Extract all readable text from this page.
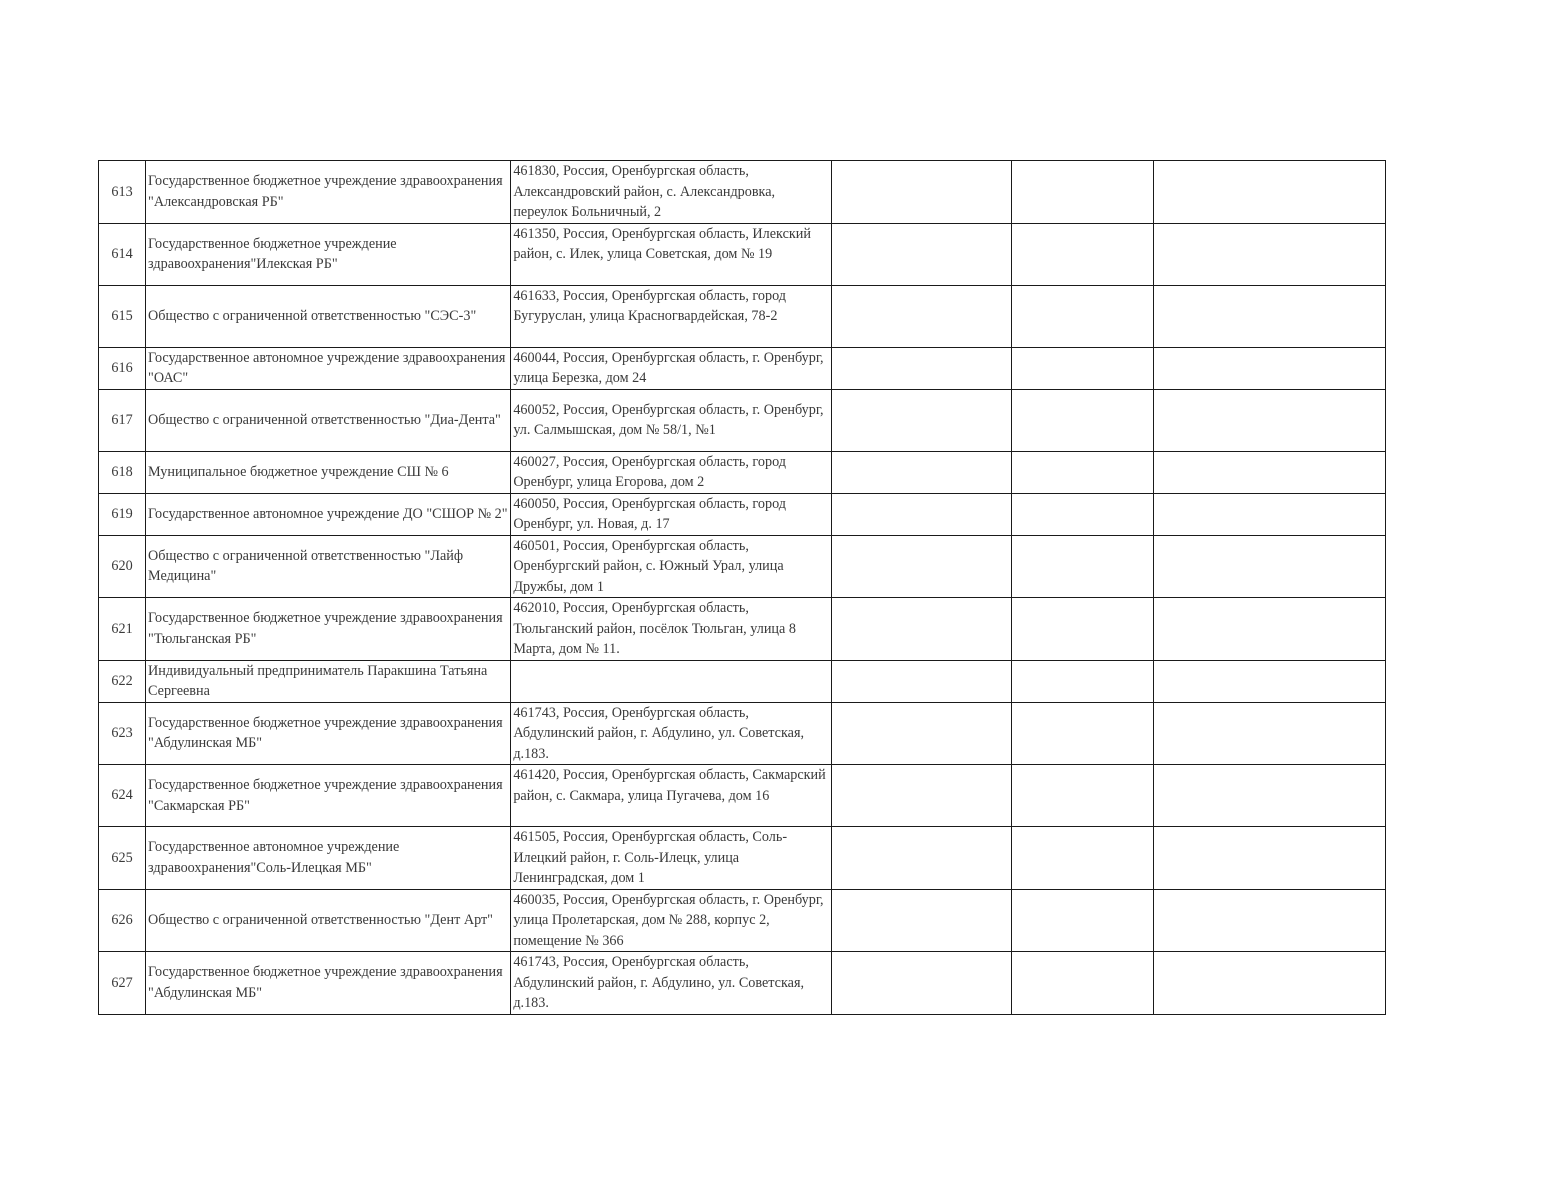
613	Государственное бюджетное учреждение здравоохранения "Александровская РБ"	461830, Россия, Оренбургская область, Александровский район, с. Александровка, переулок Больничный, 2			
614	Государственное бюджетное учреждение здравоохранения"Илекская РБ"	461350, Россия, Оренбургская область, Илекский район, с. Илек, улица Советская, дом № 19			
615	Общество с ограниченной ответственностью "СЭС-3"	461633, Россия, Оренбургская область, город Бугуруслан, улица Красногвардейская, 78-2			
616	Государственное автономное учреждение здравоохранения "ОАС"	460044, Россия, Оренбургская область, г. Оренбург, улица Березка, дом 24			
617	Общество с ограниченной ответственностью "Диа-Дента"	460052, Россия, Оренбургская область, г. Оренбург, ул. Салмышская, дом № 58/1, №1			
618	Муниципальное бюджетное учреждение СШ № 6	460027, Россия, Оренбургская область, город Оренбург, улица Егорова, дом 2			
619	Государственное автономное учреждение ДО "СШОР № 2"	460050, Россия, Оренбургская область, город Оренбург, ул. Новая, д. 17			
620	Общество с ограниченной ответственностью "Лайф Медицина"	460501, Россия, Оренбургская область, Оренбургский район, с. Южный Урал, улица Дружбы, дом 1			
621	Государственное бюджетное учреждение здравоохранения "Тюльганская РБ"	462010, Россия, Оренбургская область, Тюльганский район, посёлок Тюльган, улица 8 Марта, дом № 11.			
622	Индивидуальный предприниматель Паракшина Татьяна Сергеевна				
623	Государственное бюджетное учреждение здравоохранения "Абдулинская МБ"	461743, Россия, Оренбургская область, Абдулинский район, г. Абдулино, ул. Советская, д.183.			
624	Государственное бюджетное учреждение здравоохранения "Сакмарская РБ"	461420, Россия, Оренбургская область, Сакмарский район, с. Сакмара, улица Пугачева, дом 16			
625	Государственное автономное учреждение здравоохранения"Соль-Илецкая МБ"	461505, Россия, Оренбургская область, Соль-Илецкий район, г. Соль-Илецк, улица Ленинградская, дом 1			
626	Общество с ограниченной ответственностью "Дент Арт"	460035, Россия, Оренбургская область, г. Оренбург, улица Пролетарская, дом № 288, корпус 2, помещение № 366			
627	Государственное бюджетное учреждение здравоохранения "Абдулинская МБ"	461743, Россия, Оренбургская область, Абдулинский район, г. Абдулино, ул. Советская, д.183.			
